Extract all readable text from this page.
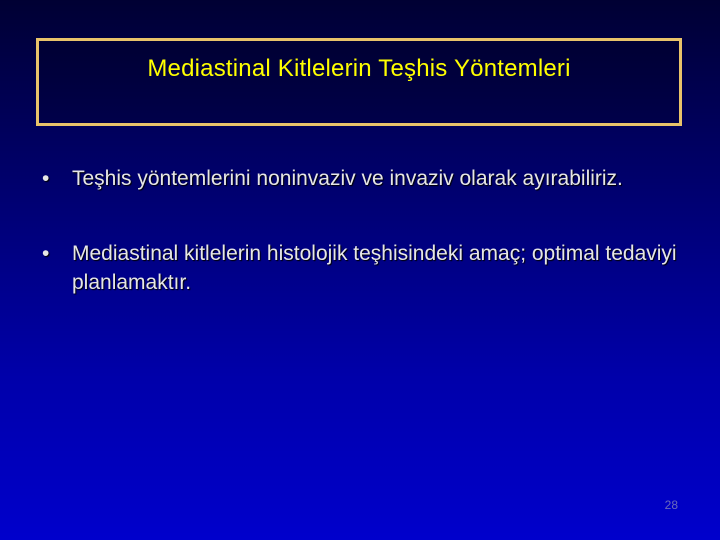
Mediastinal Kitlelerin Teşhis Yöntemleri
•	Teşhis yöntemlerini noninvaziv ve invaziv olarak ayırabiliriz.
•	Mediastinal kitlelerin histolojik teşhisindeki amaç; optimal tedaviyi planlamaktır.
28
